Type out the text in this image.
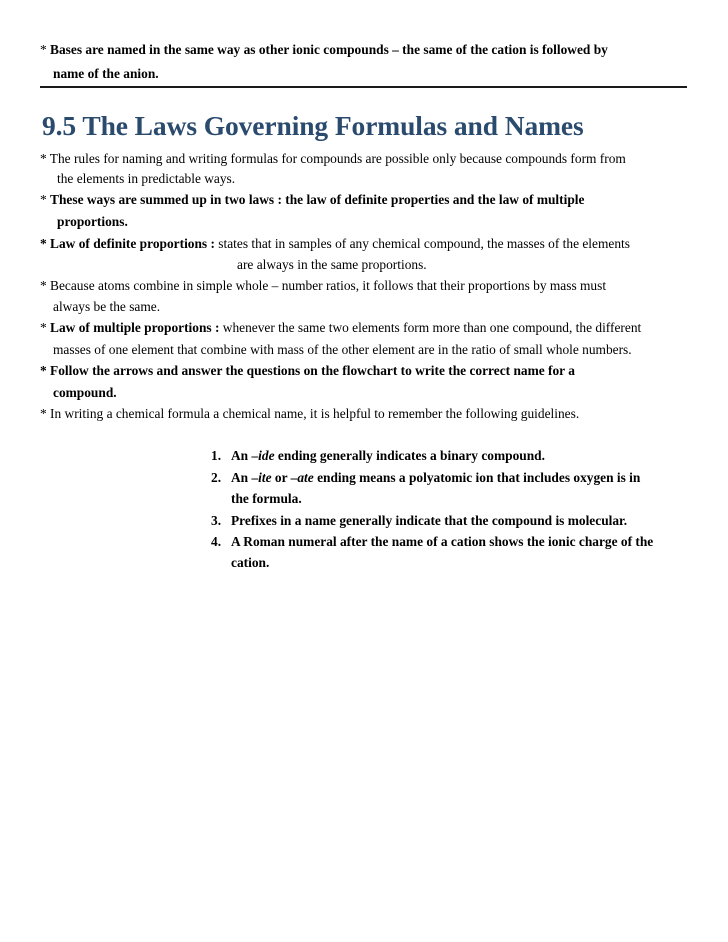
* Bases are named in the same way as other ionic compounds – the same of the cation is followed by
name of the anion.
9.5 The Laws Governing Formulas and Names
* The rules for naming and writing formulas for compounds are possible only because compounds form from
the elements in predictable ways.
* These ways are summed up in two laws : the law of definite properties and the law of multiple
proportions.
* Law of definite proportions : states that in samples of any chemical compound, the masses of the elements
are always in the same proportions.
* Because atoms combine in simple whole – number ratios, it follows that their proportions by mass must
always be the same.
* Law of multiple proportions : whenever the same two elements form more than one compound, the different
masses of one element that combine with mass of the other element are in the ratio of small whole numbers.
* Follow the arrows and answer the questions on the flowchart to write the correct name for a
compound.
* In writing a chemical formula a chemical name, it is helpful to remember the following guidelines.
1. An –ide ending generally indicates a binary compound.
2. An –ite or –ate ending means a polyatomic ion that includes oxygen is in
the formula.
3. Prefixes in a name generally indicate that the compound is molecular.
4. A Roman numeral after the name of a cation shows the ionic charge of the
cation.
